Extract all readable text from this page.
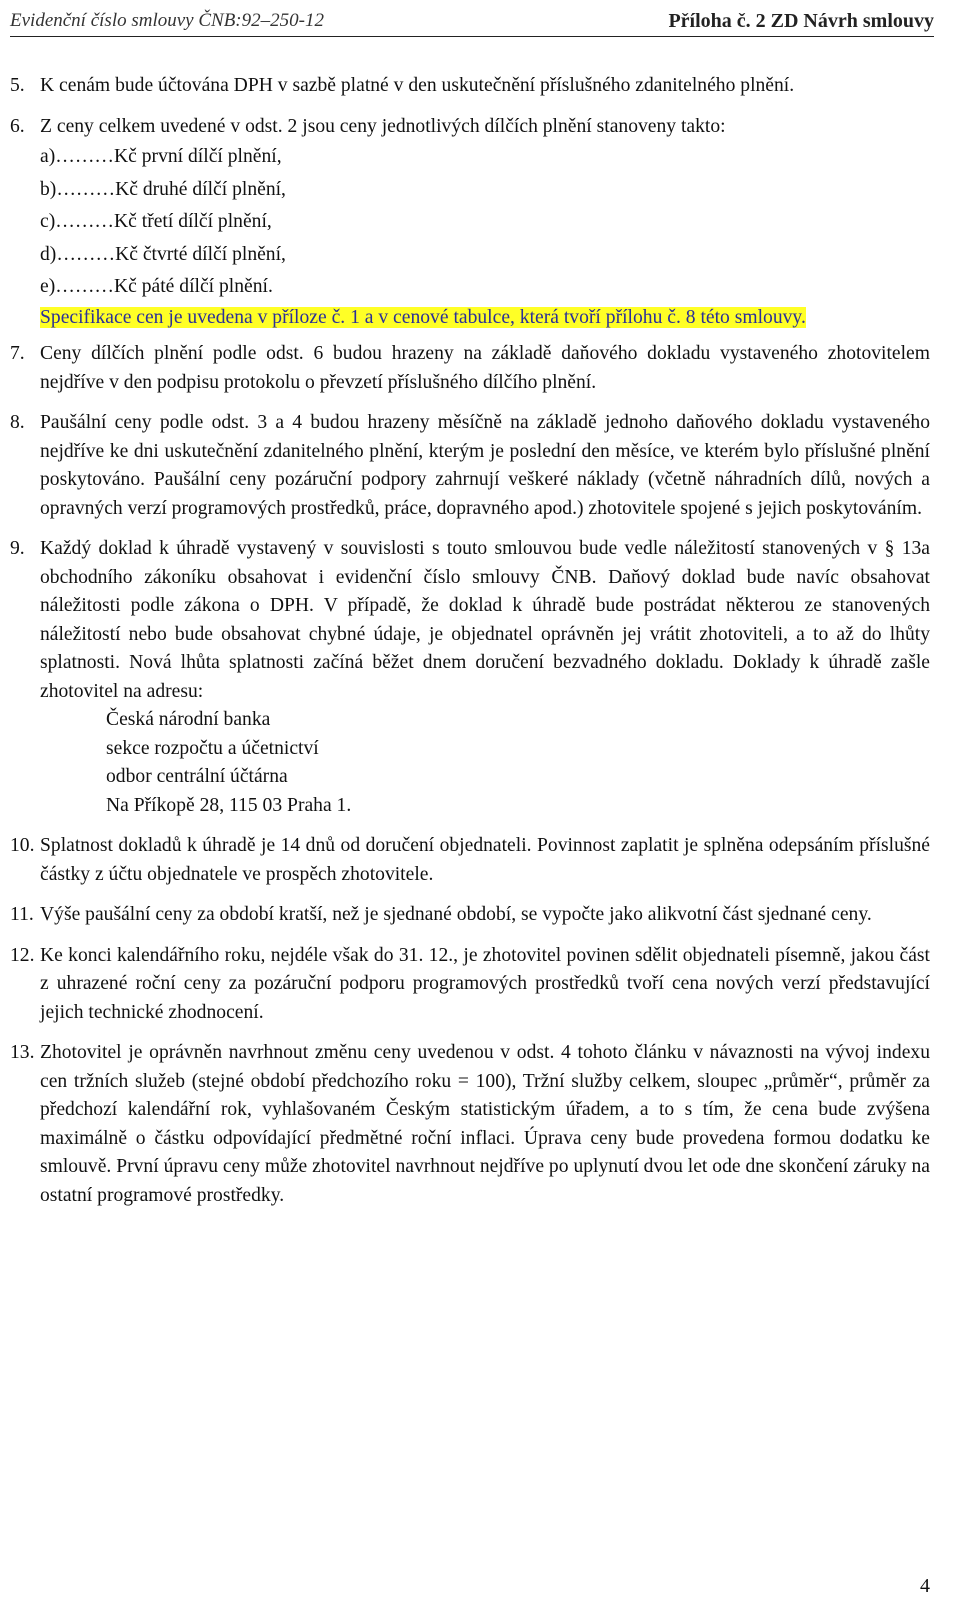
Evidenční číslo smlouvy ČNB:92–250-12	Příloha č. 2 ZD Návrh smlouvy
5. K cenám bude účtována DPH v sazbě platné v den uskutečnění příslušného zdanitelného plnění.
6. Z ceny celkem uvedené v odst. 2 jsou ceny jednotlivých dílčích plnění stanoveny takto:
a)………Kč první dílčí plnění,
b)………Kč druhé dílčí plnění,
c)………Kč třetí dílčí plnění,
d)………Kč čtvrté dílčí plnění,
e)………Kč páté dílčí plnění.
Specifikace cen je uvedena v příloze č. 1 a v cenové tabulce, která tvoří přílohu č. 8 této smlouvy.
7. Ceny dílčích plnění podle odst. 6 budou hrazeny na základě daňového dokladu vystaveného zhotovitelem nejdříve v den podpisu protokolu o převzetí příslušného dílčího plnění.
8. Paušální ceny podle odst. 3 a 4 budou hrazeny měsíčně na základě jednoho daňového dokladu vystaveného nejdříve ke dni uskutečnění zdanitelného plnění, kterým je poslední den měsíce, ve kterém bylo příslušné plnění poskytováno. Paušální ceny pozáruční podpory zahrnují veškeré náklady (včetně náhradních dílů, nových a opravných verzí programových prostředků, práce, dopravného apod.) zhotovitele spojené s jejich poskytováním.
9. Každý doklad k úhradě vystavený v souvislosti s touto smlouvou bude vedle náležitostí stanovených v § 13a obchodního zákoníku obsahovat i evidenční číslo smlouvy ČNB. Daňový doklad bude navíc obsahovat náležitosti podle zákona o DPH. V případě, že doklad k úhradě bude postrádat některou ze stanovených náležitostí nebo bude obsahovat chybné údaje, je objednatel oprávněn jej vrátit zhotoviteli, a to až do lhůty splatnosti. Nová lhůta splatnosti začíná běžet dnem doručení bezvadného dokladu. Doklady k úhradě zašle zhotovitel na adresu:
Česká národní banka
sekce rozpočtu a účetnictví
odbor centrální účtárna
Na Příkopě 28, 115 03 Praha 1.
10. Splatnost dokladů k úhradě je 14 dnů od doručení objednateli. Povinnost zaplatit je splněna odepsáním příslušné částky z účtu objednatele ve prospěch zhotovitele.
11. Výše paušální ceny za období kratší, než je sjednané období, se vypočte jako alikvotní část sjednané ceny.
12. Ke konci kalendářního roku, nejdéle však do 31. 12., je zhotovitel povinen sdělit objednateli písemně, jakou část z uhrazené roční ceny za pozáruční podporu programových prostředků tvoří cena nových verzí představující jejich technické zhodnocení.
13. Zhotovitel je oprávněn navrhnout změnu ceny uvedenou v odst. 4 tohoto článku v návaznosti na vývoj indexu cen tržních služeb (stejné období předchozího roku = 100), Tržní služby celkem, sloupec „průměr“, průměr za předchozí kalendářní rok, vyhlašovaném Českým statistickým úřadem, a to s tím, že cena bude zvýšena maximálně o částku odpovídající předmětné roční inflaci. Úprava ceny bude provedena formou dodatku ke smlouvě. První úpravu ceny může zhotovitel navrhnout nejdříve po uplynutí dvou let ode dne skončení záruky na ostatní programové prostředky.
4
